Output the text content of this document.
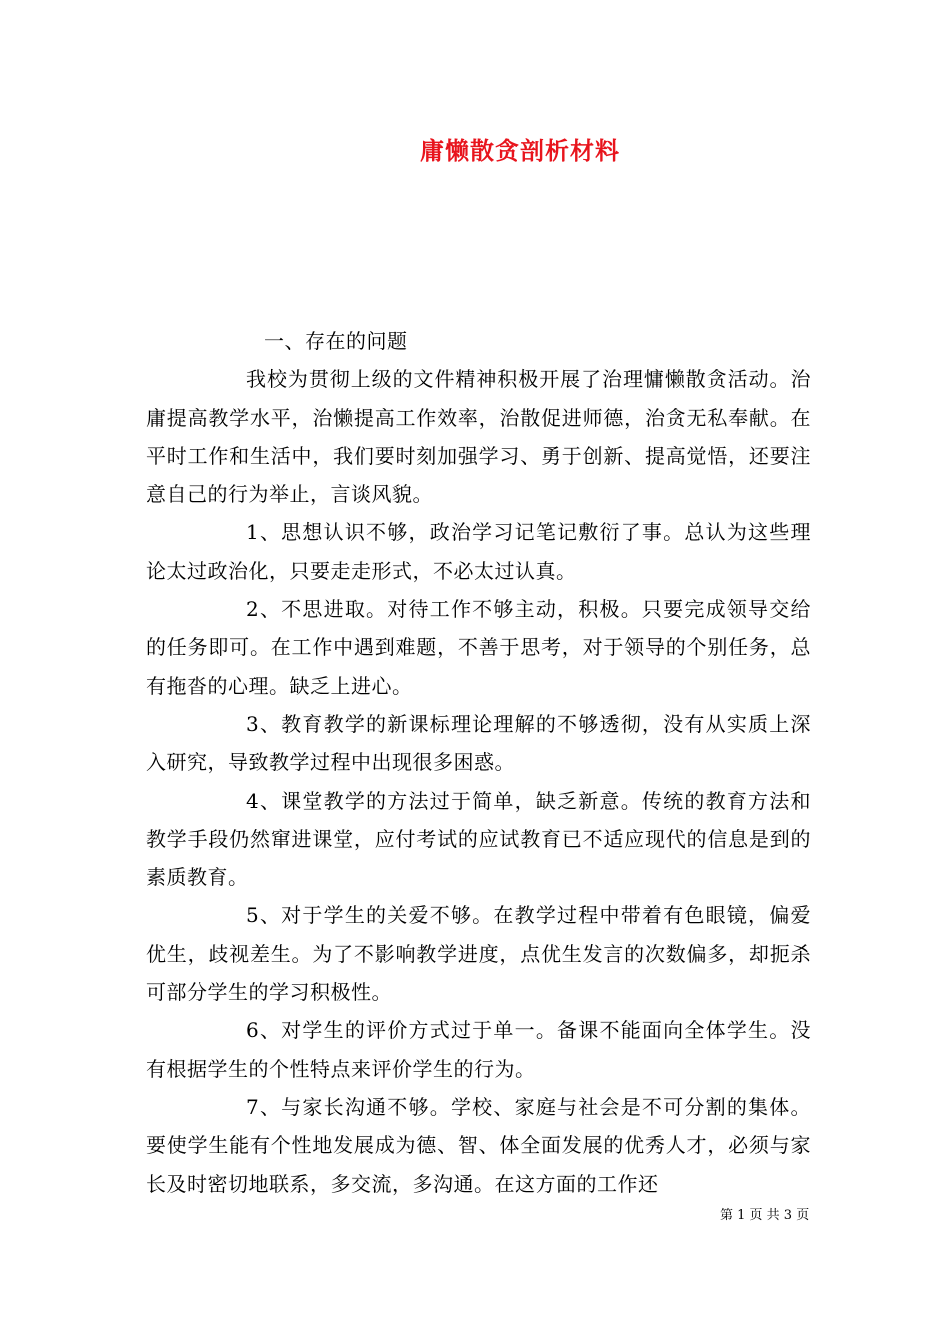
庸懒散贪剖析材料

一、存在的问题

我校为贯彻上级的文件精神积极开展了治理慵懒散贪活动。治庸提高教学水平，治懒提高工作效率，治散促进师德，治贪无私奉献。在平时工作和生活中，我们要时刻加强学习、勇于创新、提高觉悟，还要注意自己的行为举止，言谈风貌。

1、思想认识不够，政治学习记笔记敷衍了事。总认为这些理论太过政治化，只要走走形式，不必太过认真。

2、不思进取。对待工作不够主动，积极。只要完成领导交给的任务即可。在工作中遇到难题，不善于思考，对于领导的个别任务，总有拖沓的心理。缺乏上进心。

3、教育教学的新课标理论理解的不够透彻，没有从实质上深入研究，导致教学过程中出现很多困惑。

4、课堂教学的方法过于简单，缺乏新意。传统的教育方法和教学手段仍然窜进课堂，应付考试的应试教育已不适应现代的信息是到的素质教育。

5、对于学生的关爱不够。在教学过程中带着有色眼镜，偏爱优生，歧视差生。为了不影响教学进度，点优生发言的次数偏多，却扼杀可部分学生的学习积极性。

6、对学生的评价方式过于单一。备课不能面向全体学生。没有根据学生的个性特点来评价学生的行为。

7、与家长沟通不够。学校、家庭与社会是不可分割的集体。要使学生能有个性地发展成为德、智、体全面发展的优秀人才，必须与家长及时密切地联系，多交流，多沟通。在这方面的工作还

第 1 页 共 3 页
